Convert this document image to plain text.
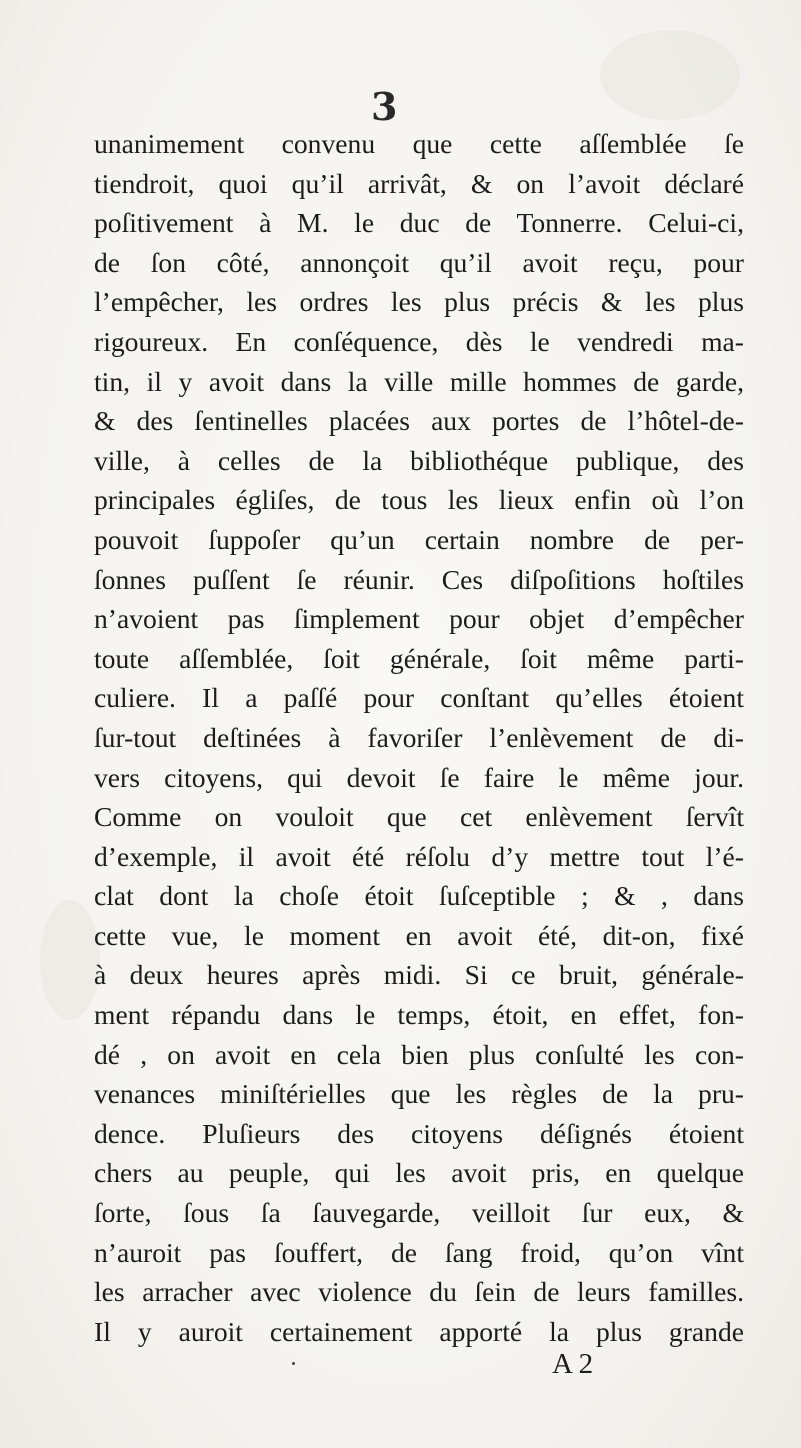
3
unanimement convenu que cette aſſemblée ſe
tiendroit, quoi qu’il arrivât, & on l’avoit déclaré
poſitivement à M. le duc de Tonnerre. Celui-ci,
de ſon côté, annonçoit qu’il avoit reçu, pour
l’empêcher, les ordres les plus précis & les plus
rigoureux. En conſéquence, dès le vendredi ma-
tin, il y avoit dans la ville mille hommes de garde,
& des ſentinelles placées aux portes de l’hôtel-de-
ville, à celles de la bibliothéque publique, des
principales égliſes, de tous les lieux enfin où l’on
pouvoit ſuppoſer qu’un certain nombre de per-
ſonnes puſſent ſe réunir. Ces diſpoſitions hoſtiles
n’avoient pas ſimplement pour objet d’empêcher
toute aſſemblée, ſoit générale, ſoit même parti-
culiere. Il a paſſé pour conſtant qu’elles étoient
ſur-tout deſtinées à favoriſer l’enlèvement de di-
vers citoyens, qui devoit ſe faire le même jour.
Comme on vouloit que cet enlèvement ſervît
d’exemple, il avoit été réſolu d’y mettre tout l’é-
clat dont la choſe étoit ſuſceptible ; & , dans
cette vue, le moment en avoit été, dit-on, fixé
à deux heures après midi. Si ce bruit, générale-
ment répandu dans le temps, étoit, en effet, fon-
dé , on avoit en cela bien plus conſulté les con-
venances miniſtérielles que les règles de la pru-
dence. Pluſieurs des citoyens déſignés étoient
chers au peuple, qui les avoit pris, en quelque
ſorte, ſous ſa ſauvegarde, veilloit ſur eux, &
n’auroit pas ſouffert, de ſang froid, qu’on vînt
les arracher avec violence du ſein de leurs familles.
Il y auroit certainement apporté la plus grande
A 2
